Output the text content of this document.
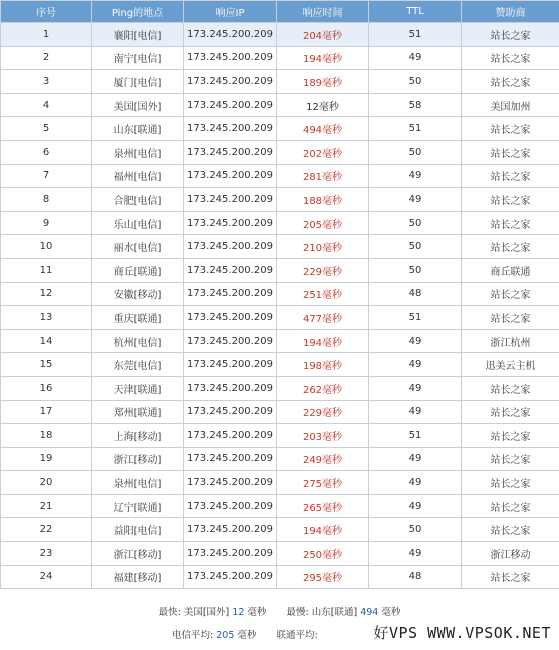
序号	Ping的地点	响应IP	响应时间	TTL	赞助商
1	襄阳[电信]	173.245.200.209	204毫秒	51	站长之家
2	南宁[电信]	173.245.200.209	194毫秒	49	站长之家
3	厦门[电信]	173.245.200.209	189毫秒	50	站长之家
4	美国[国外]	173.245.200.209	12毫秒	58	美国加州
5	山东[联通]	173.245.200.209	494毫秒	51	站长之家
6	泉州[电信]	173.245.200.209	202毫秒	50	站长之家
7	福州[电信]	173.245.200.209	281毫秒	49	站长之家
8	合肥[电信]	173.245.200.209	188毫秒	49	站长之家
9	乐山[电信]	173.245.200.209	205毫秒	50	站长之家
10	丽水[电信]	173.245.200.209	210毫秒	50	站长之家
11	商丘[联通]	173.245.200.209	229毫秒	50	商丘联通
12	安徽[移动]	173.245.200.209	251毫秒	48	站长之家
13	重庆[联通]	173.245.200.209	477毫秒	51	站长之家
14	杭州[电信]	173.245.200.209	194毫秒	49	浙江杭州
15	东莞[电信]	173.245.200.209	198毫秒	49	迅美云主机
16	天津[联通]	173.245.200.209	262毫秒	49	站长之家
17	郑州[联通]	173.245.200.209	229毫秒	49	站长之家
18	上海[移动]	173.245.200.209	203毫秒	51	站长之家
19	浙江[移动]	173.245.200.209	249毫秒	49	站长之家
20	泉州[电信]	173.245.200.209	275毫秒	49	站长之家
21	辽宁[联通]	173.245.200.209	265毫秒	49	站长之家
22	益阳[电信]	173.245.200.209	194毫秒	50	站长之家
23	浙江[移动]	173.245.200.209	250毫秒	49	浙江移动
24	福建[移动]	173.245.200.209	295毫秒	48	站长之家
最快: 美国[国外] 12 毫秒 最慢: 山东[联通] 494 毫秒
电信平均: 205 毫秒 联通平均:	好VPS WWW.VPSOK.NET
